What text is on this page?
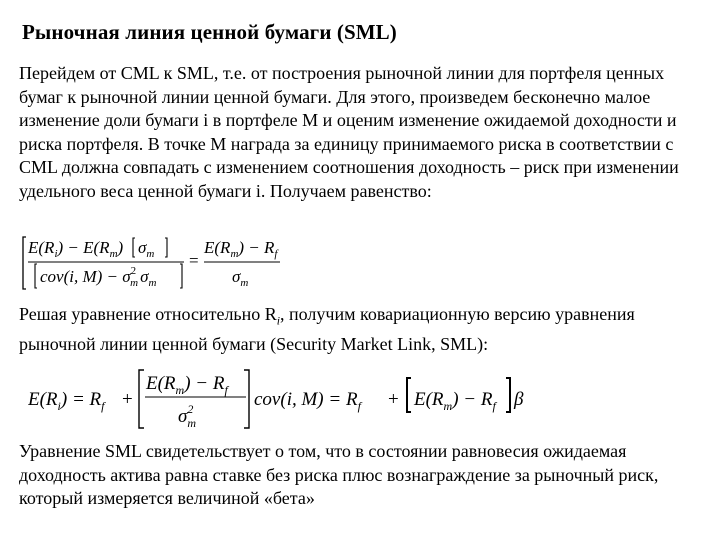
Рыночная линия ценной бумаги (SML)
Перейдем от CML к SML, т.е. от построения рыночной линии для портфеля ценных бумаг к рыночной линии ценной бумаги. Для этого, произведем бесконечно малое изменение доли бумаги i в портфеле М и оценим изменение ожидаемой доходности и риска портфеля. В точке М награда за единицу принимаемого риска в соответствии с CML должна совпадать с изменением соотношения доходность – риск при изменении удельного веса ценной бумаги i. Получаем равенство:
$E(R_i) - E(R_m)$ $\sigma_m$
cov(i, $M) - \sigma^2$ m $\sigma_m$
=
$E(R_m) - R_f$
$\sigma_m$
Решая уравнение относительно $R_i$, получим ковариационную версию уравнения рыночной линии ценной бумаги (Security Market Link, SML):
$E(R_i) = R_f$ +
$E(R_m) - R_f$
$\sigma^2$ m
cov(i, $M) = R_f + E(R_m) - R_f$ β
Уравнение SML свидетельствует о том, что в состоянии равновесия ожидаемая доходность актива равна ставке без риска плюс вознаграждение за рыночный риск, который измеряется величиной «бета»
